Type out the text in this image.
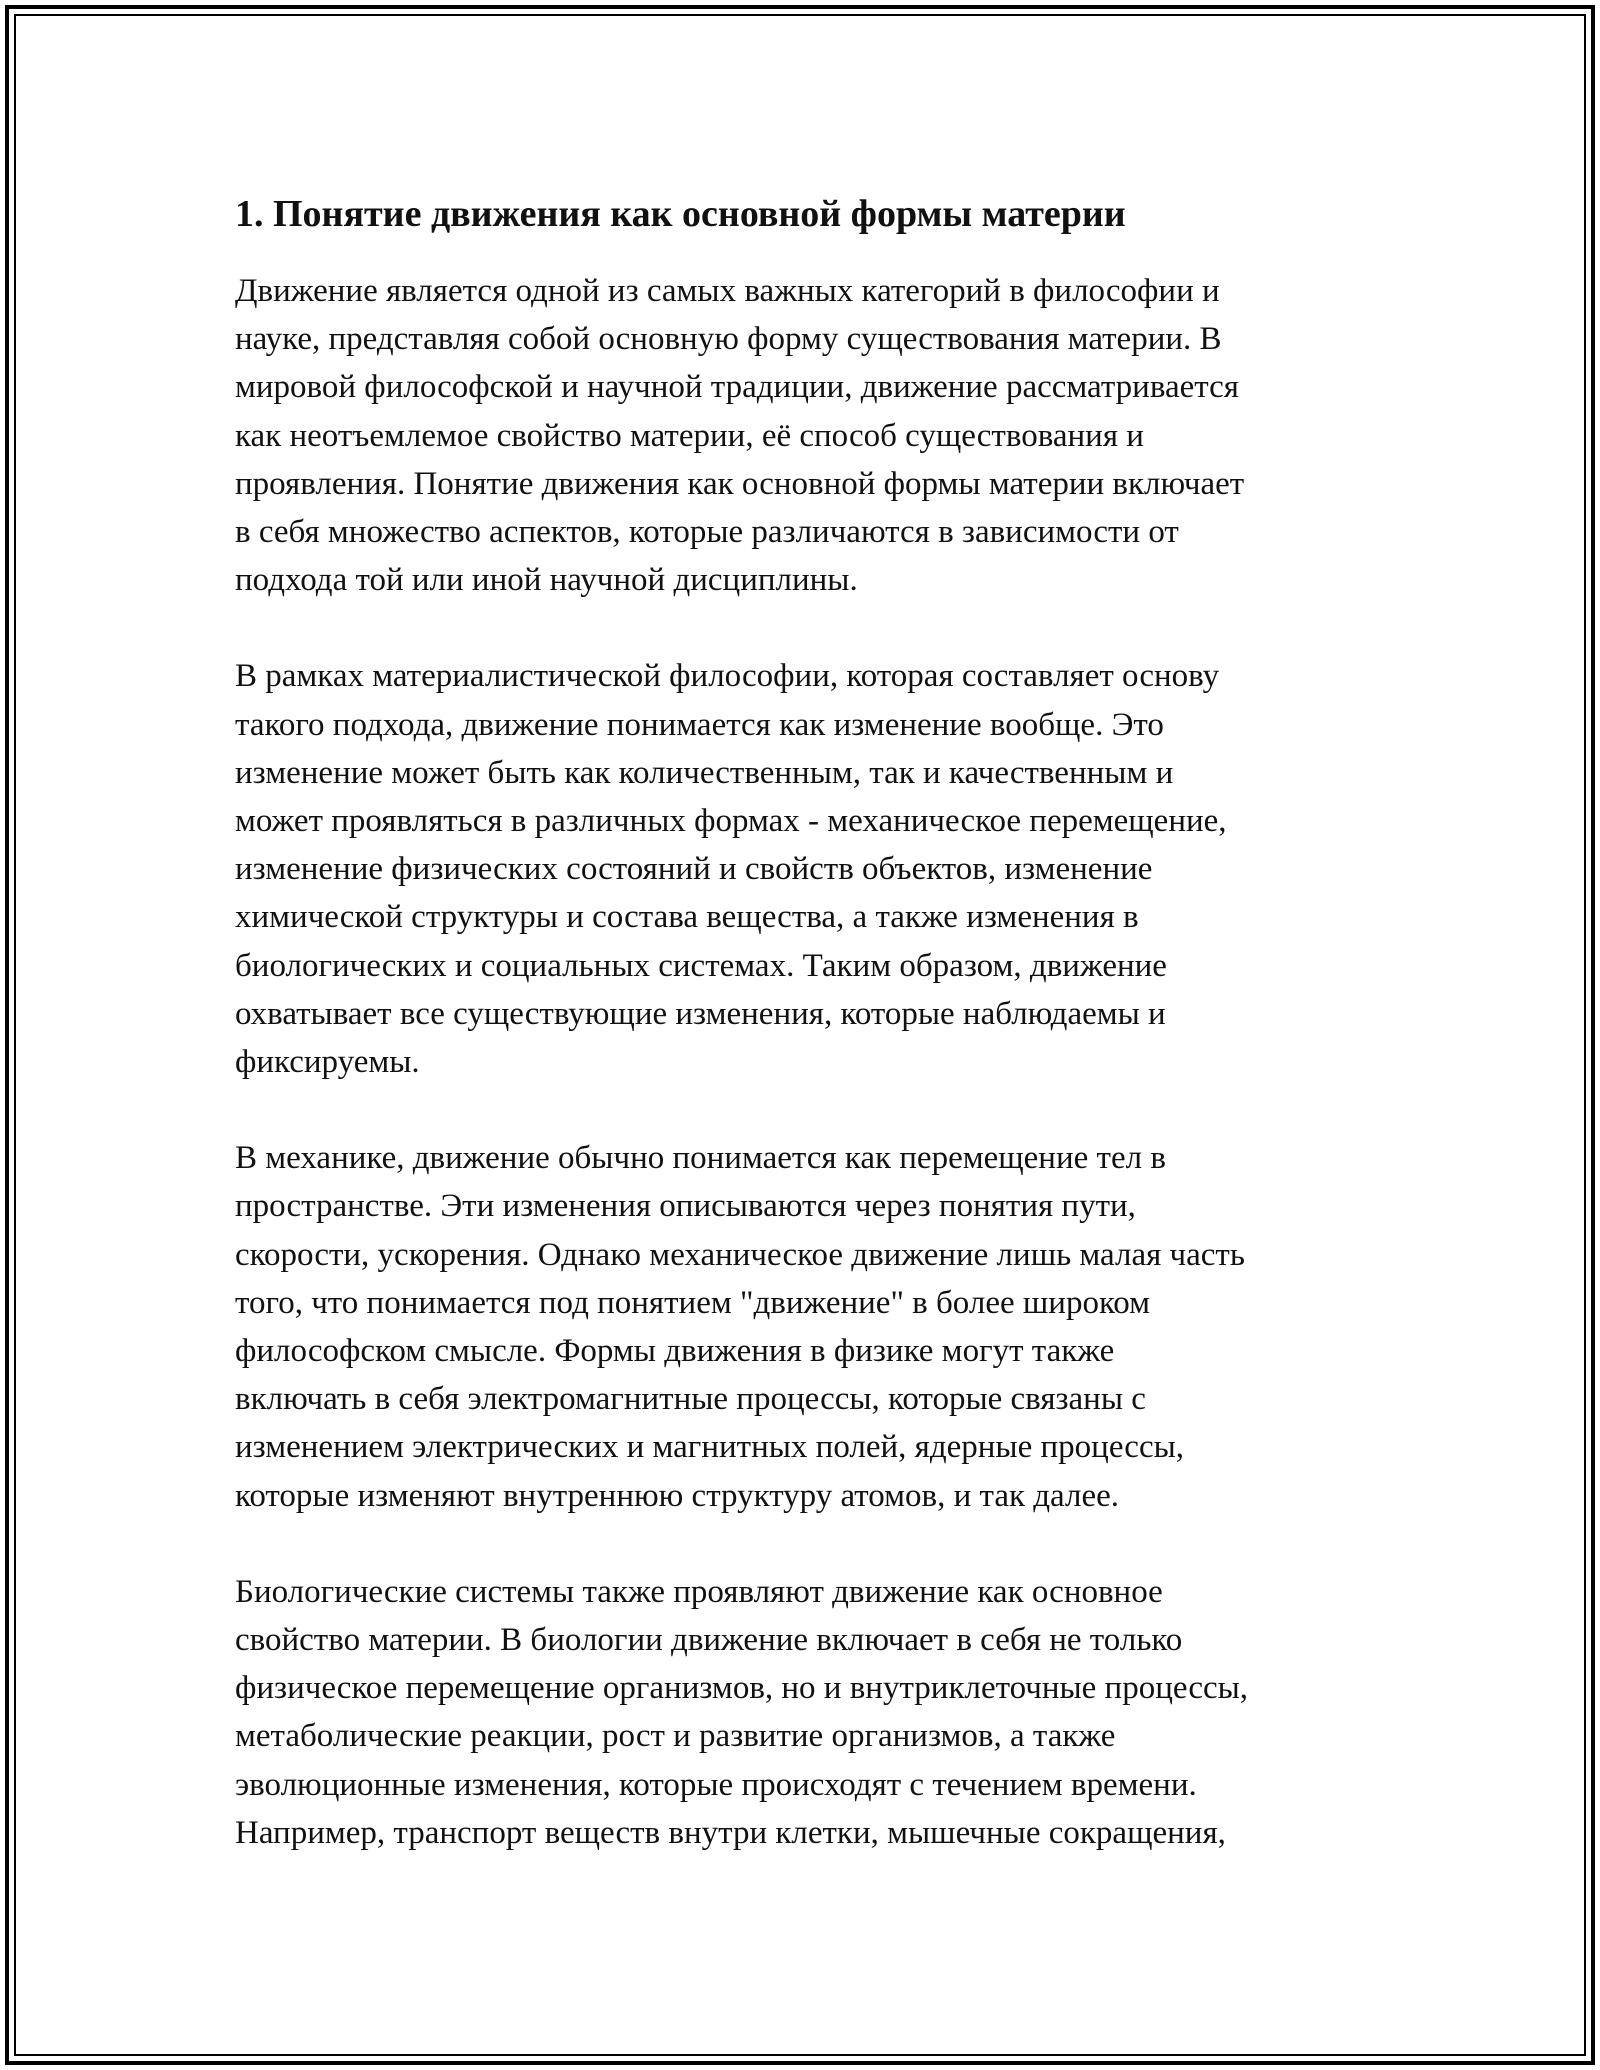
1. Понятие движения как основной формы материи

Движение является одной из самых важных категорий в философии и
науке, представляя собой основную форму существования материи. В
мировой философской и научной традиции, движение рассматривается
как неотъемлемое свойство материи, её способ существования и
проявления. Понятие движения как основной формы материи включает
в себя множество аспектов, которые различаются в зависимости от
подхода той или иной научной дисциплины.

В рамках материалистической философии, которая составляет основу
такого подхода, движение понимается как изменение вообще. Это
изменение может быть как количественным, так и качественным и
может проявляться в различных формах - механическое перемещение,
изменение физических состояний и свойств объектов, изменение
химической структуры и состава вещества, а также изменения в
биологических и социальных системах. Таким образом, движение
охватывает все существующие изменения, которые наблюдаемы и
фиксируемы.

В механике, движение обычно понимается как перемещение тел в
пространстве. Эти изменения описываются через понятия пути,
скорости, ускорения. Однако механическое движение лишь малая часть
того, что понимается под понятием "движение" в более широком
философском смысле. Формы движения в физике могут также
включать в себя электромагнитные процессы, которые связаны с
изменением электрических и магнитных полей, ядерные процессы,
которые изменяют внутреннюю структуру атомов, и так далее.

Биологические системы также проявляют движение как основное
свойство материи. В биологии движение включает в себя не только
физическое перемещение организмов, но и внутриклеточные процессы,
метаболические реакции, рост и развитие организмов, а также
эволюционные изменения, которые происходят с течением времени.
Например, транспорт веществ внутри клетки, мышечные сокращения,
